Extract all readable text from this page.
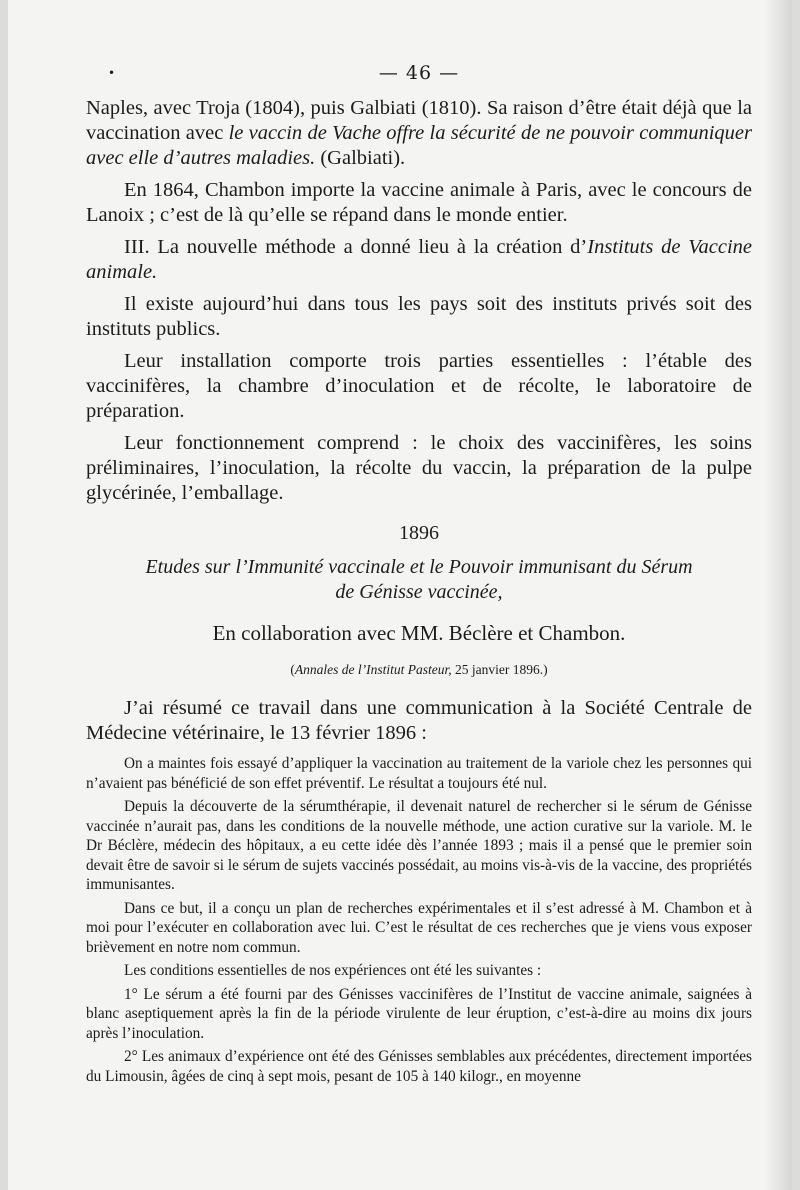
•	— 46 —

Naples, avec Troja (1804), puis Galbiati (1810). Sa raison d’être était déjà que la vaccination avec le vaccin de Vache offre la sécurité de ne pouvoir communiquer avec elle d’autres maladies. (Galbiati).

En 1864, Chambon importe la vaccine animale à Paris, avec le concours de Lanoix ; c’est de là qu’elle se répand dans le monde entier.

III. La nouvelle méthode a donné lieu à la création d’Instituts de Vaccine animale.

Il existe aujourd’hui dans tous les pays soit des instituts privés soit des instituts publics.

Leur installation comporte trois parties essentielles : l’étable des vaccinifères, la chambre d’inoculation et de récolte, le laboratoire de préparation.

Leur fonctionnement comprend : le choix des vaccinifères, les soins préliminaires, l’inoculation, la récolte du vaccin, la préparation de la pulpe glycérinée, l’emballage.

1896
Etudes sur l’Immunité vaccinale et le Pouvoir immunisant du Sérum
de Génisse vaccinée,
En collaboration avec MM. Béclère et Chambon.
(Annales de l’Institut Pasteur, 25 janvier 1896.)

J’ai résumé ce travail dans une communication à la Société Centrale de Médecine vétérinaire, le 13 février 1896 :

On a maintes fois essayé d’appliquer la vaccination au traitement de la variole chez les personnes qui n’avaient pas bénéficié de son effet préventif. Le résultat a toujours été nul.

Depuis la découverte de la sérumthérapie, il devenait naturel de rechercher si le sérum de Génisse vaccinée n’aurait pas, dans les conditions de la nouvelle méthode, une action curative sur la variole. M. le Dr Béclère, médecin des hôpitaux, a eu cette idée dès l’année 1893 ; mais il a pensé que le premier soin devait être de savoir si le sérum de sujets vaccinés possédait, au moins vis-à-vis de la vaccine, des propriétés immunisantes.

Dans ce but, il a conçu un plan de recherches expérimentales et il s’est adressé à M. Chambon et à moi pour l’exécuter en collaboration avec lui. C’est le résultat de ces recherches que je viens vous exposer brièvement en notre nom commun.

Les conditions essentielles de nos expériences ont été les suivantes :

1° Le sérum a été fourni par des Génisses vaccinifères de l’Institut de vaccine animale, saignées à blanc aseptiquement après la fin de la période virulente de leur éruption, c’est-à-dire au moins dix jours après l’inoculation.

2° Les animaux d’expérience ont été des Génisses semblables aux précédentes, directement importées du Limousin, âgées de cinq à sept mois, pesant de 105 à 140 kilogr., en moyenne
